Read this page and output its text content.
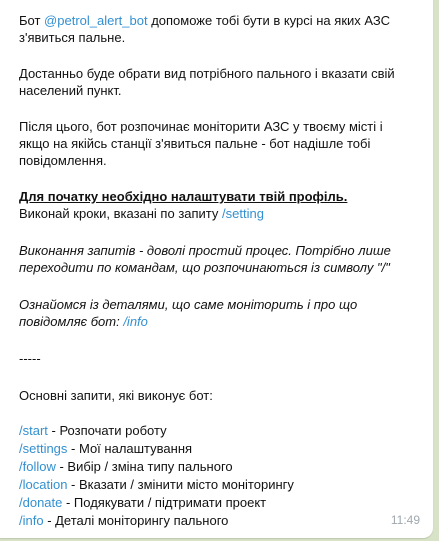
Бот @petrol_alert_bot допоможе тобі бути в курсі на яких АЗС
з'явиться пальне.
Достанньо буде обрати вид потрібного пального і вказати свій
населений пункт.
Після цього, бот розпочинає моніторити АЗС у твоєму місті і
якщо на якійсь станції з'явиться пальне - бот надішле тобі
повідомлення.
Для початку необхідно налаштувати твій профіль.
Виконай кроки, вказані по запиту /setting
Виконання запитів - доволі простий процес. Потрібно лише
переходити по командам, що розпочинаються із символу "/"
Ознайомся із деталями, що саме моніторить і про що
повідомляє бот: /info
-----
Основні запити, які виконує бот:
/start - Розпочати роботу
/settings - Мої налаштування
/follow - Вибір / зміна типу пального
/location - Вказати / змінити місто моніторингу
/donate - Подякувати / підтримати проект
/info - Деталі моніторингу пального	11:49
